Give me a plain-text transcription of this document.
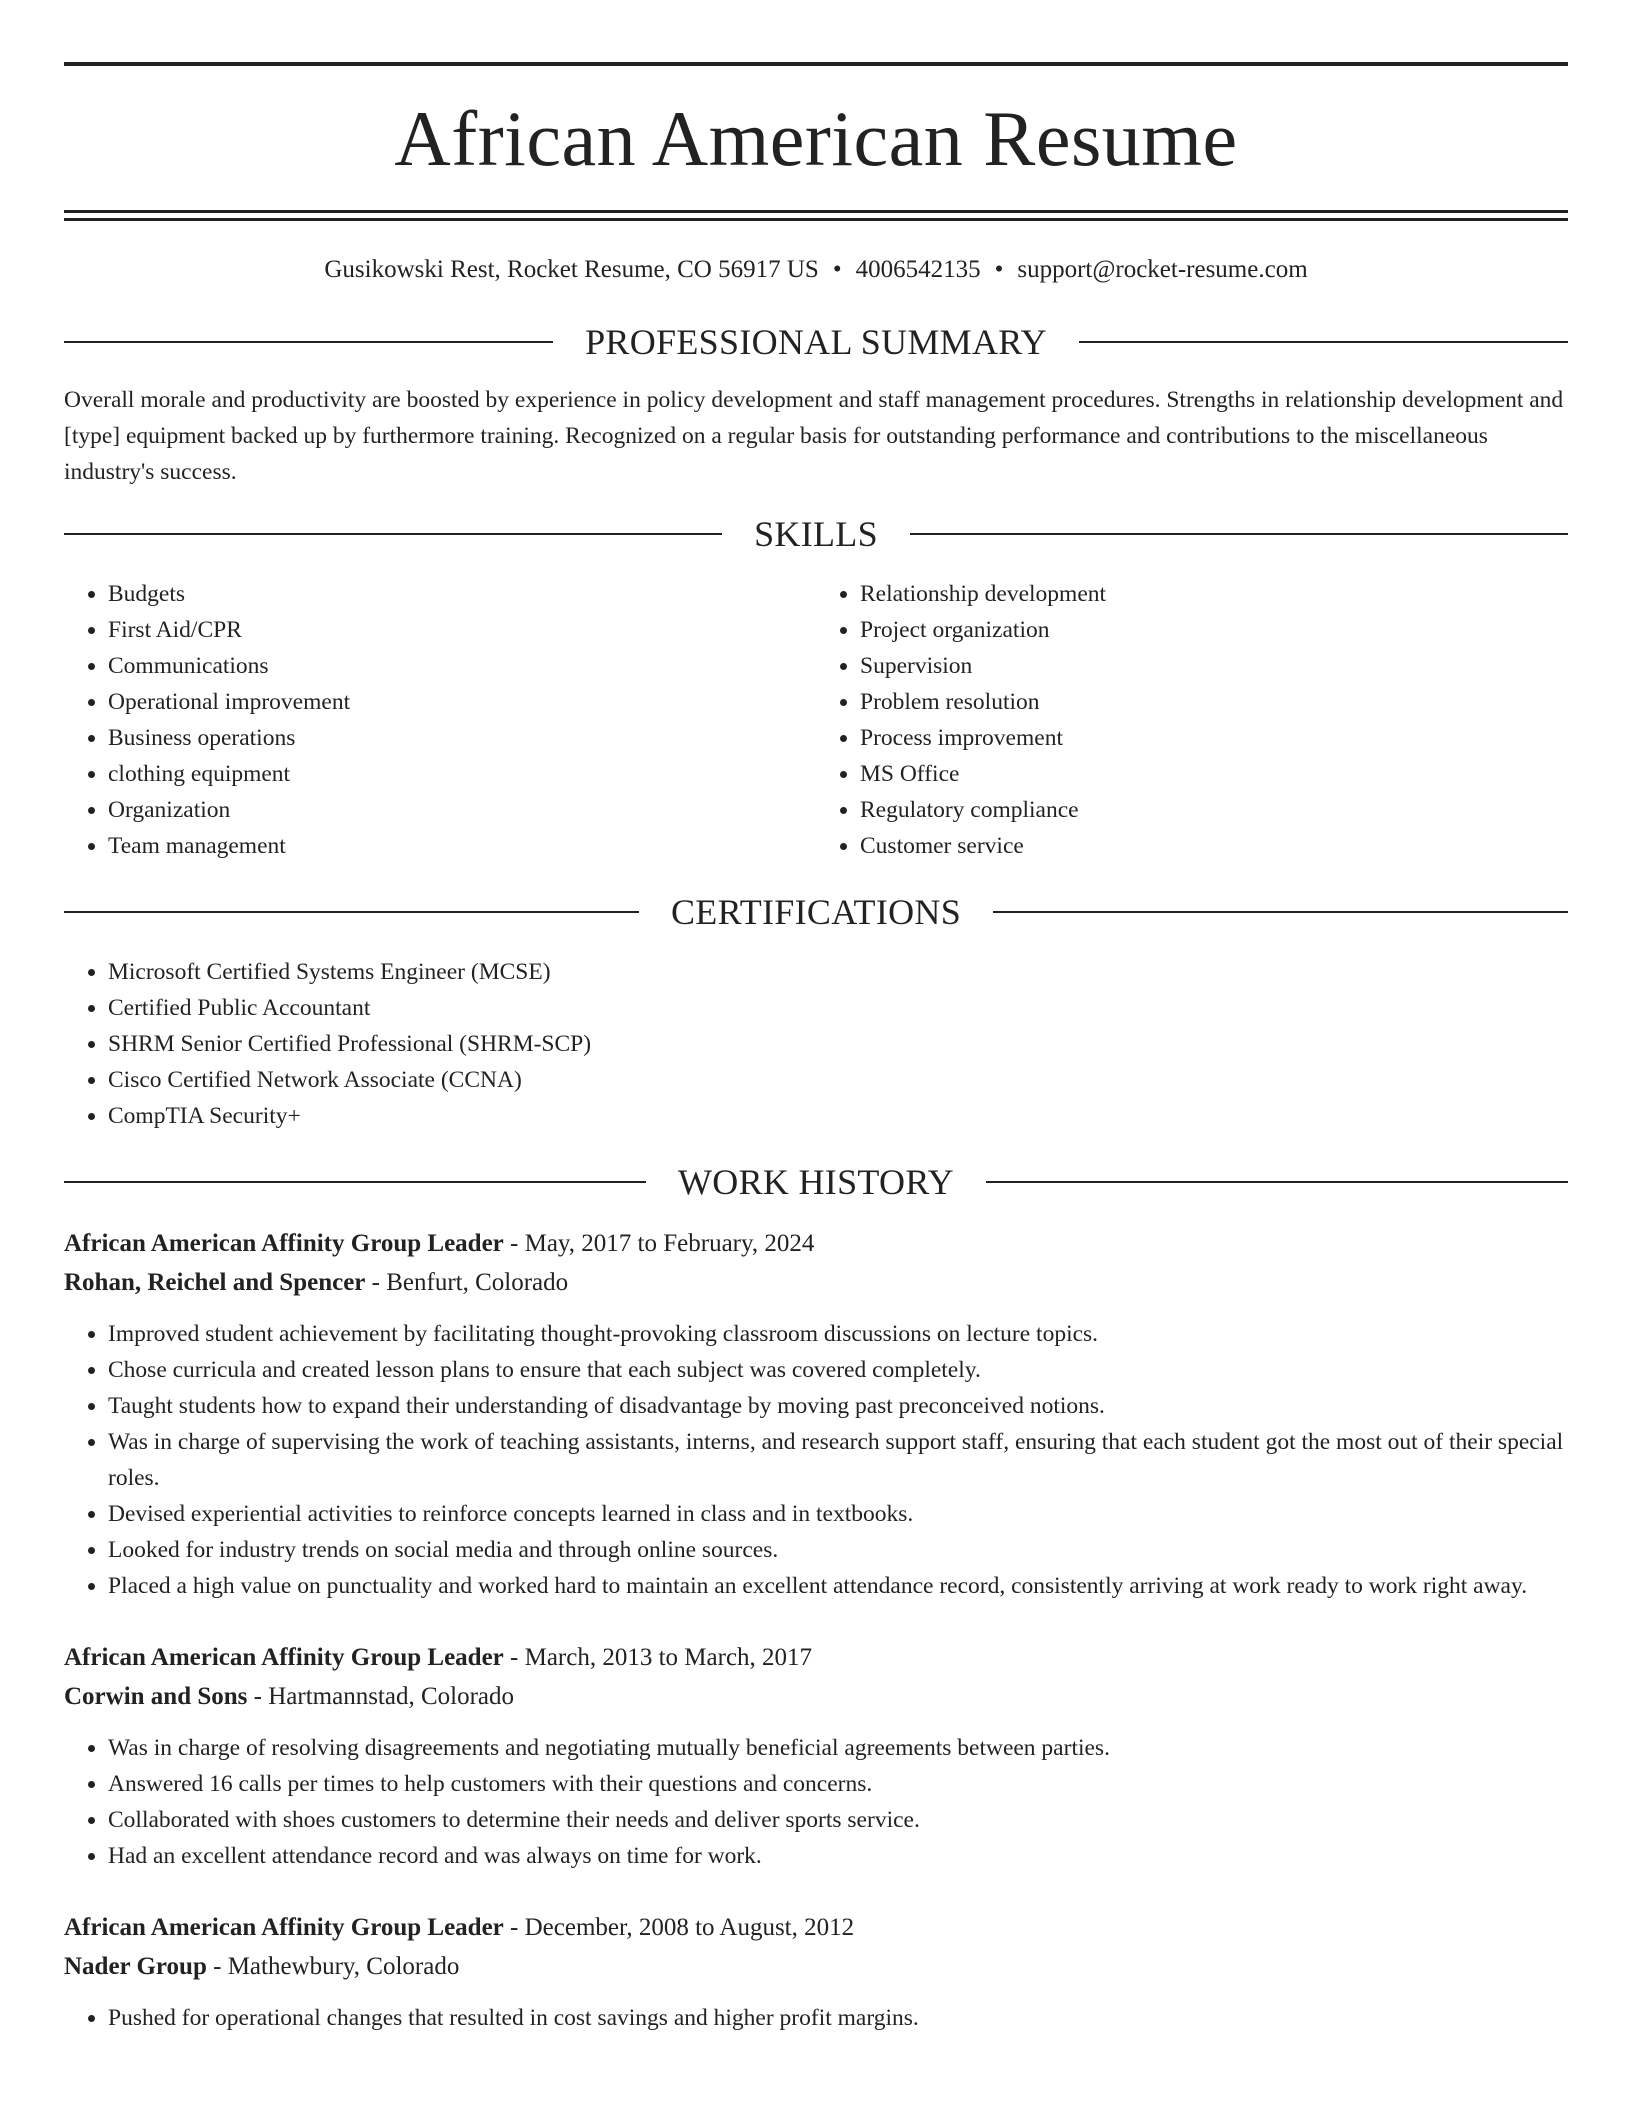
African American Resume
Gusikowski Rest, Rocket Resume, CO 56917 US • 4006542135 • support@rocket-resume.com
PROFESSIONAL SUMMARY

Overall morale and productivity are boosted by experience in policy development and staff management procedures. Strengths in relationship development and [type] equipment backed up by furthermore training. Recognized on a regular basis for outstanding performance and contributions to the miscellaneous industry's success.

SKILLS
• Budgets
• First Aid/CPR
• Communications
• Operational improvement
• Business operations
• clothing equipment
• Organization
• Team management
• Relationship development
• Project organization
• Supervision
• Problem resolution
• Process improvement
• MS Office
• Regulatory compliance
• Customer service
CERTIFICATIONS
• Microsoft Certified Systems Engineer (MCSE)
• Certified Public Accountant
• SHRM Senior Certified Professional (SHRM-SCP)
• Cisco Certified Network Associate (CCNA)
• CompTIA Security+
WORK HISTORY
African American Affinity Group Leader - May, 2017 to February, 2024
Rohan, Reichel and Spencer - Benfurt, Colorado
• Improved student achievement by facilitating thought-provoking classroom discussions on lecture topics.
• Chose curricula and created lesson plans to ensure that each subject was covered completely.
• Taught students how to expand their understanding of disadvantage by moving past preconceived notions.
• Was in charge of supervising the work of teaching assistants, interns, and research support staff, ensuring that each student got the most out of their special roles.
• Devised experiential activities to reinforce concepts learned in class and in textbooks.
• Looked for industry trends on social media and through online sources.
• Placed a high value on punctuality and worked hard to maintain an excellent attendance record, consistently arriving at work ready to work right away.
African American Affinity Group Leader - March, 2013 to March, 2017
Corwin and Sons - Hartmannstad, Colorado
• Was in charge of resolving disagreements and negotiating mutually beneficial agreements between parties.
• Answered 16 calls per times to help customers with their questions and concerns.
• Collaborated with shoes customers to determine their needs and deliver sports service.
• Had an excellent attendance record and was always on time for work.
African American Affinity Group Leader - December, 2008 to August, 2012
Nader Group - Mathewbury, Colorado
• Pushed for operational changes that resulted in cost savings and higher profit margins.
